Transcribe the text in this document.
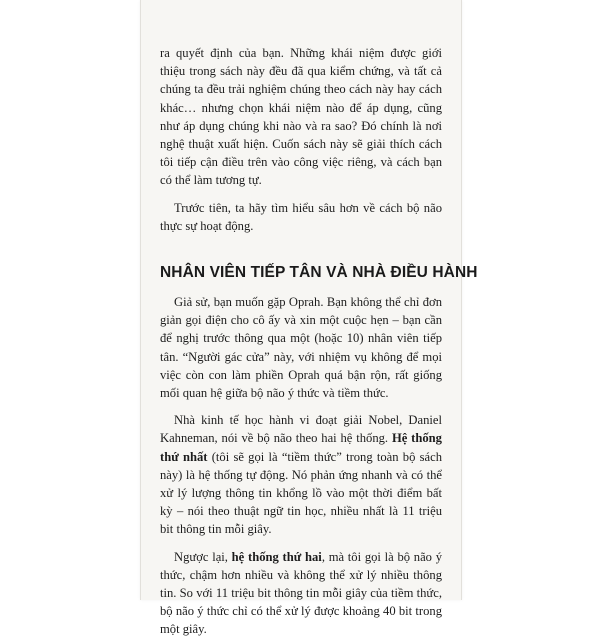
ra quyết định của bạn. Những khái niệm được giới thiệu trong sách này đều đã qua kiểm chứng, và tất cả chúng ta đều trải nghiệm chúng theo cách này hay cách khác… nhưng chọn khái niệm nào để áp dụng, cũng như áp dụng chúng khi nào và ra sao? Đó chính là nơi nghệ thuật xuất hiện. Cuốn sách này sẽ giải thích cách tôi tiếp cận điều trên vào công việc riêng, và cách bạn có thể làm tương tự.

Trước tiên, ta hãy tìm hiểu sâu hơn về cách bộ não thực sự hoạt động.

NHÂN VIÊN TIẾP TÂN VÀ NHÀ ĐIỀU HÀNH

Giả sử, bạn muốn gặp Oprah. Bạn không thể chỉ đơn giản gọi điện cho cô ấy và xin một cuộc hẹn – bạn cần để nghị trước thông qua một (hoặc 10) nhân viên tiếp tân. “Người gác cửa” này, với nhiệm vụ không để mọi việc còn con làm phiền Oprah quá bận rộn, rất giống mối quan hệ giữa bộ não ý thức và tiềm thức.

Nhà kinh tế học hành vi đoạt giải Nobel, Daniel Kahneman, nói về bộ não theo hai hệ thống. Hệ thống thứ nhất (tôi sẽ gọi là “tiềm thức” trong toàn bộ sách này) là hệ thống tự động. Nó phản ứng nhanh và có thể xử lý lượng thông tin khổng lồ vào một thời điểm bất kỳ – nói theo thuật ngữ tin học, nhiều nhất là 11 triệu bit thông tin mỗi giây.

Ngược lại, hệ thống thứ hai, mà tôi gọi là bộ não ý thức, chậm hơn nhiều và không thể xử lý nhiều thông tin. So với 11 triệu bit thông tin mỗi giây của tiềm thức, bộ não ý thức chỉ có thể xử lý được khoảng 40 bit trong một giây.
